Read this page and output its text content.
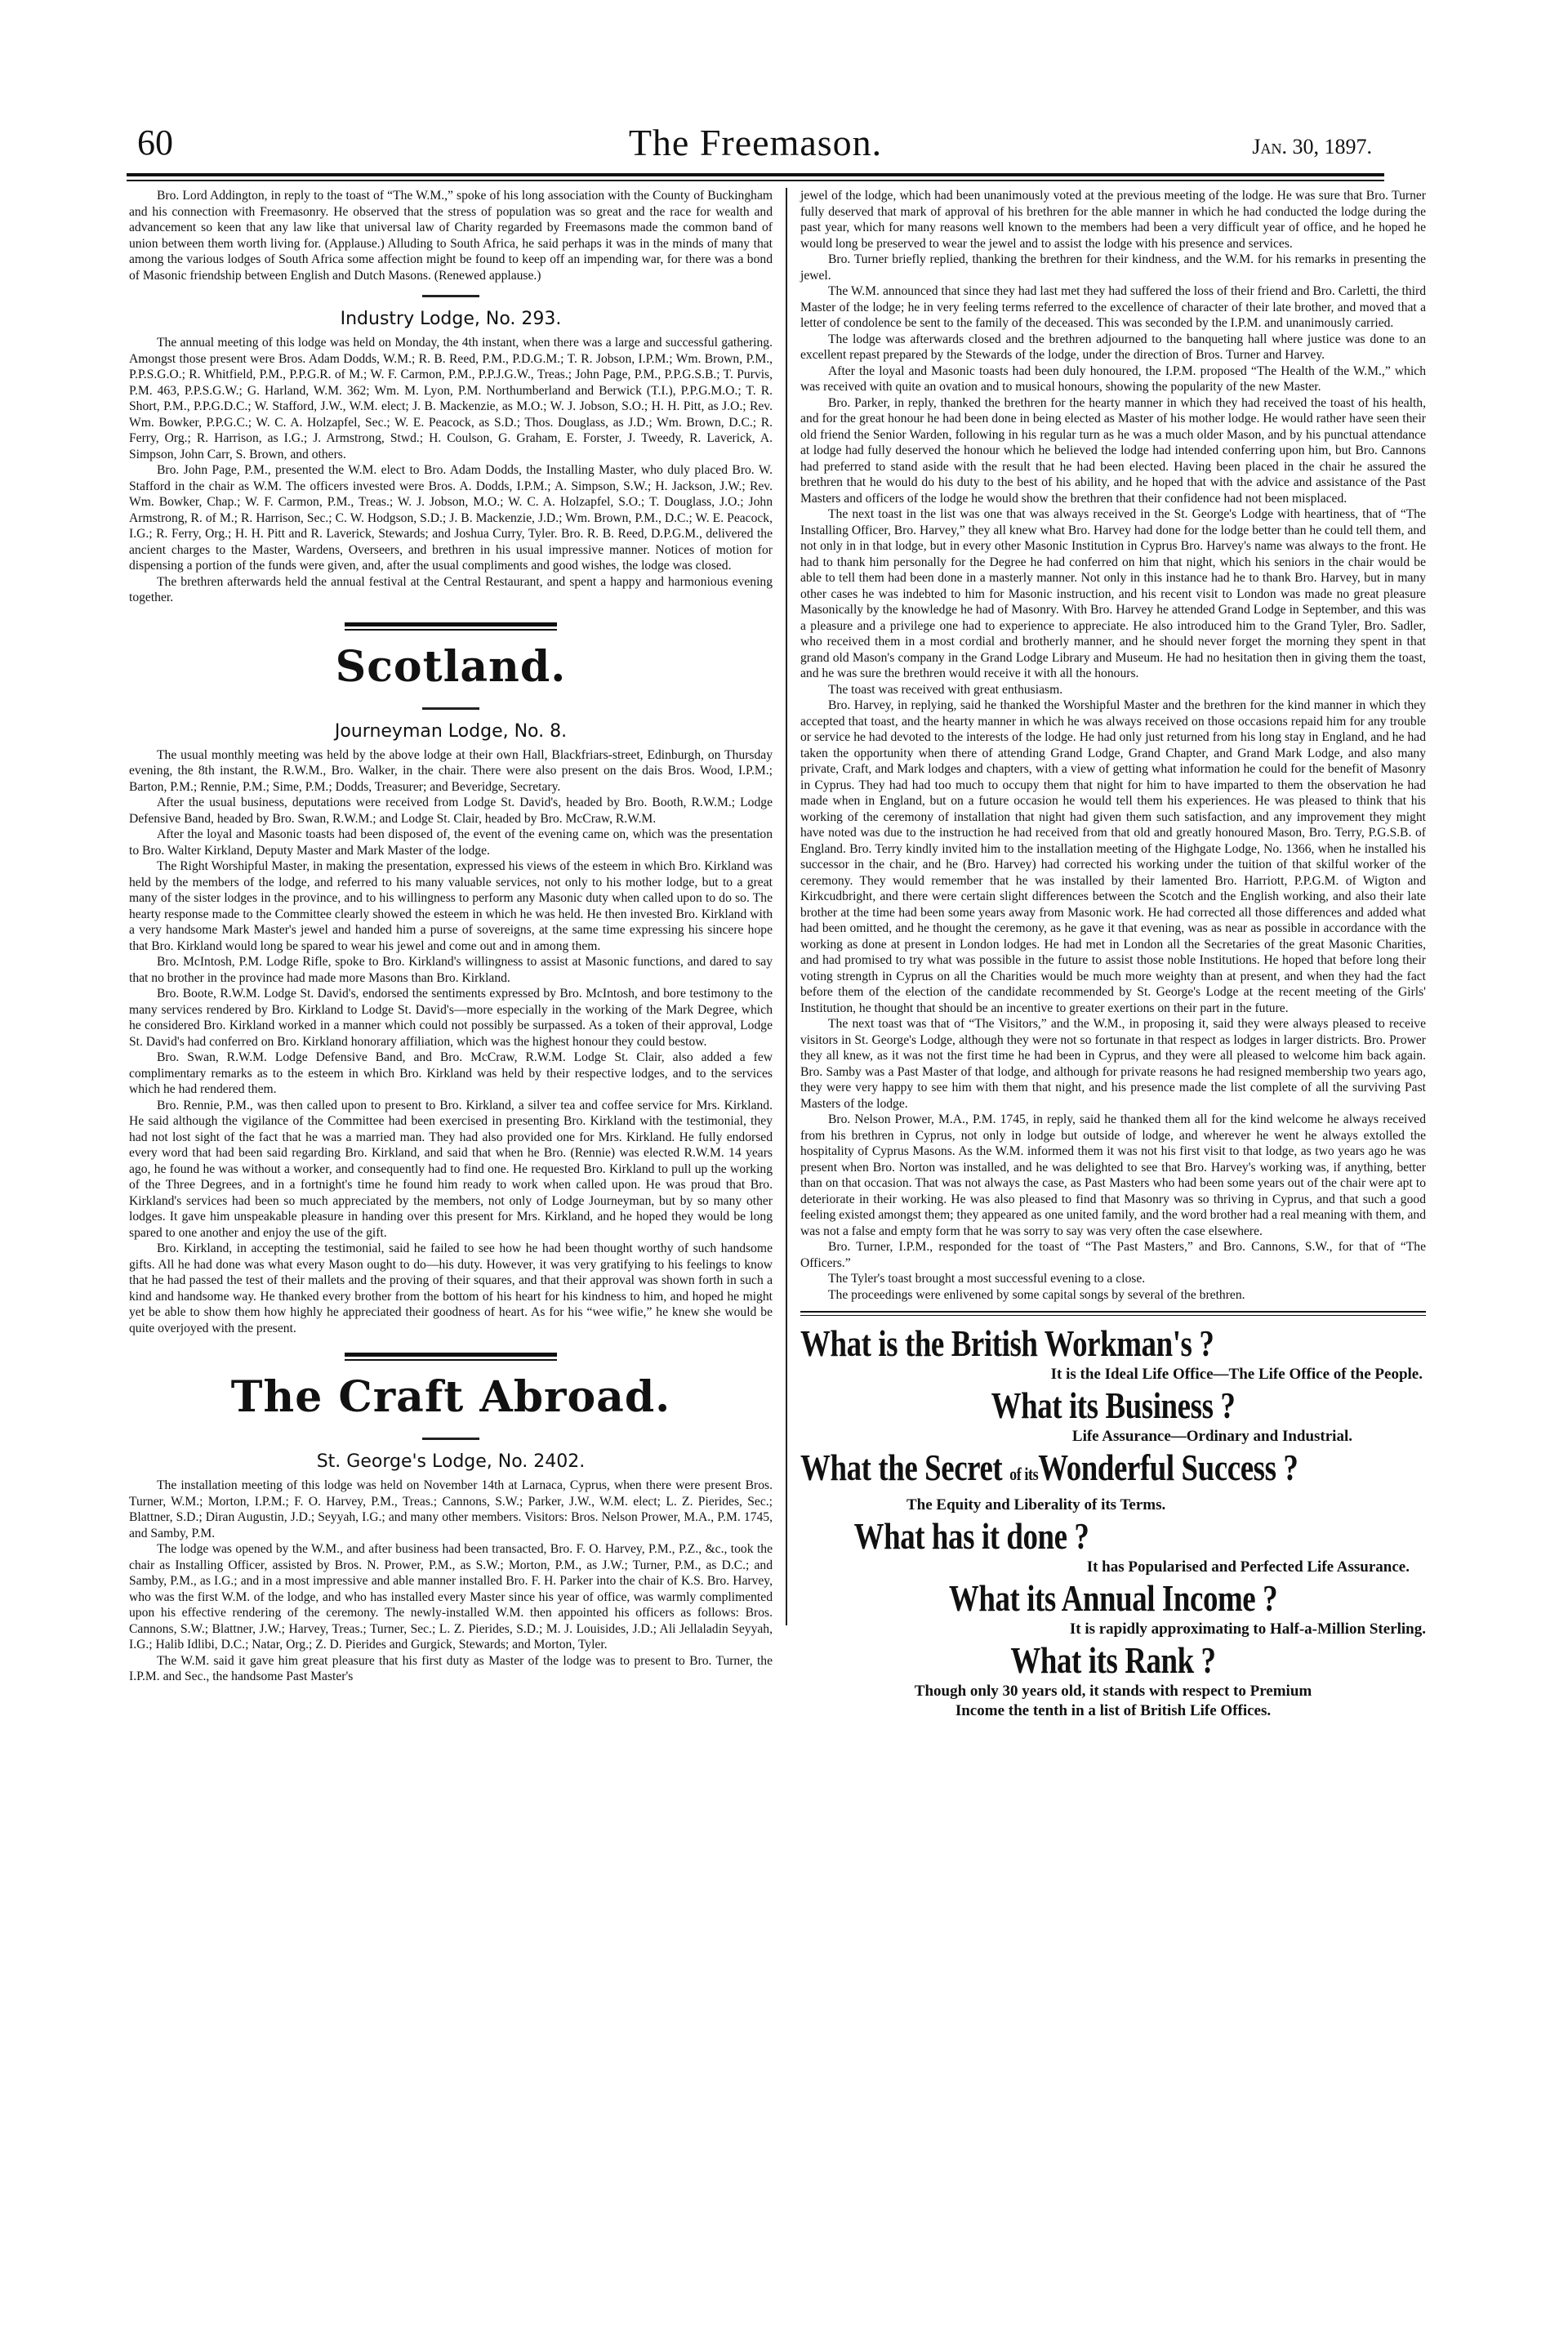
60	The Freemason.	Jan. 30, 1897.

Bro. Lord Addington, in reply to the toast of “The W.M.,” spoke of his long association with the County of Buckingham and his connection with Freemasonry. He observed that the stress of population was so great and the race for wealth and advancement so keen that any law like that universal law of Charity regarded by Freemasons made the common band of union between them worth living for. (Applause.) Alluding to South Africa, he said perhaps it was in the minds of many that among the various lodges of South Africa some affection might be found to keep off an impending war, for there was a bond of Masonic friendship between English and Dutch Masons. (Renewed applause.)

Industry Lodge, No. 293.

The annual meeting of this lodge was held on Monday, the 4th instant, when there was a large and successful gathering. Amongst those present were Bros. Adam Dodds, W.M.; R. B. Reed, P.M., P.D.G.M.; T. R. Jobson, I.P.M.; Wm. Brown, P.M., P.P.S.G.O.; R. Whitfield, P.M., P.P.G.R. of M.; W. F. Carmon, P.M., P.P.J.G.W., Treas.; John Page, P.M., P.P.G.S.B.; T. Purvis, P.M. 463, P.P.S.G.W.; G. Harland, W.M. 362; Wm. M. Lyon, P.M. Northumberland and Berwick (T.I.), P.P.G.M.O.; T. R. Short, P.M., P.P.G.D.C.; W. Stafford, J.W., W.M. elect; J. B. Mackenzie, as M.O.; W. J. Jobson, S.O.; H. H. Pitt, as J.O.; Rev. Wm. Bowker, P.P.G.C.; W. C. A. Holzapfel, Sec.; W. E. Peacock, as S.D.; Thos. Douglass, as J.D.; Wm. Brown, D.C.; R. Ferry, Org.; R. Harrison, as I.G.; J. Armstrong, Stwd.; H. Coulson, G. Graham, E. Forster, J. Tweedy, R. Laverick, A. Simpson, John Carr, S. Brown, and others.

Bro. John Page, P.M., presented the W.M. elect to Bro. Adam Dodds, the Installing Master, who duly placed Bro. W. Stafford in the chair as W.M. The officers invested were Bros. A. Dodds, I.P.M.; A. Simpson, S.W.; H. Jackson, J.W.; Rev. Wm. Bowker, Chap.; W. F. Carmon, P.M., Treas.; W. J. Jobson, M.O.; W. C. A. Holzapfel, S.O.; T. Douglass, J.O.; John Armstrong, R. of M.; R. Harrison, Sec.; C. W. Hodgson, S.D.; J. B. Mackenzie, J.D.; Wm. Brown, P.M., D.C.; W. E. Peacock, I.G.; R. Ferry, Org.; H. H. Pitt and R. Laverick, Stewards; and Joshua Curry, Tyler. Bro. R. B. Reed, D.P.G.M., delivered the ancient charges to the Master, Wardens, Overseers, and brethren in his usual impressive manner. Notices of motion for dispensing a portion of the funds were given, and, after the usual compliments and good wishes, the lodge was closed.

The brethren afterwards held the annual festival at the Central Restaurant, and spent a happy and harmonious evening together.

Scotland.
Journeyman Lodge, No. 8.

The usual monthly meeting was held by the above lodge at their own Hall, Blackfriars-street, Edinburgh, on Thursday evening, the 8th instant, the R.W.M., Bro. Walker, in the chair. There were also present on the dais Bros. Wood, I.P.M.; Barton, P.M.; Rennie, P.M.; Sime, P.M.; Dodds, Treasurer; and Beveridge, Secretary.

After the usual business, deputations were received from Lodge St. David's, headed by Bro. Booth, R.W.M.; Lodge Defensive Band, headed by Bro. Swan, R.W.M.; and Lodge St. Clair, headed by Bro. McCraw, R.W.M.

After the loyal and Masonic toasts had been disposed of, the event of the evening came on, which was the presentation to Bro. Walter Kirkland, Deputy Master and Mark Master of the lodge.

The Right Worshipful Master, in making the presentation, expressed his views of the esteem in which Bro. Kirkland was held by the members of the lodge, and referred to his many valuable services, not only to his mother lodge, but to a great many of the sister lodges in the province, and to his willingness to perform any Masonic duty when called upon to do so. The hearty response made to the Committee clearly showed the esteem in which he was held. He then invested Bro. Kirkland with a very handsome Mark Master's jewel and handed him a purse of sovereigns, at the same time expressing his sincere hope that Bro. Kirkland would long be spared to wear his jewel and come out and in among them.

Bro. McIntosh, P.M. Lodge Rifle, spoke to Bro. Kirkland's willingness to assist at Masonic functions, and dared to say that no brother in the province had made more Masons than Bro. Kirkland.

Bro. Boote, R.W.M. Lodge St. David's, endorsed the sentiments expressed by Bro. McIntosh, and bore testimony to the many services rendered by Bro. Kirkland to Lodge St. David's—more especially in the working of the Mark Degree, which he considered Bro. Kirkland worked in a manner which could not possibly be surpassed. As a token of their approval, Lodge St. David's had conferred on Bro. Kirkland honorary affiliation, which was the highest honour they could bestow.

Bro. Swan, R.W.M. Lodge Defensive Band, and Bro. McCraw, R.W.M. Lodge St. Clair, also added a few complimentary remarks as to the esteem in which Bro. Kirkland was held by their respective lodges, and to the services which he had rendered them.

Bro. Rennie, P.M., was then called upon to present to Bro. Kirkland, a silver tea and coffee service for Mrs. Kirkland. He said although the vigilance of the Committee had been exercised in presenting Bro. Kirkland with the testimonial, they had not lost sight of the fact that he was a married man. They had also provided one for Mrs. Kirkland. He fully endorsed every word that had been said regarding Bro. Kirkland, and said that when he Bro. (Rennie) was elected R.W.M. 14 years ago, he found he was without a worker, and consequently had to find one. He requested Bro. Kirkland to pull up the working of the Three Degrees, and in a fortnight's time he found him ready to work when called upon. He was proud that Bro. Kirkland's services had been so much appreciated by the members, not only of Lodge Journeyman, but by so many other lodges. It gave him unspeakable pleasure in handing over this present for Mrs. Kirkland, and he hoped they would be long spared to one another and enjoy the use of the gift.

Bro. Kirkland, in accepting the testimonial, said he failed to see how he had been thought worthy of such handsome gifts. All he had done was what every Mason ought to do—his duty. However, it was very gratifying to his feelings to know that he had passed the test of their mallets and the proving of their squares, and that their approval was shown forth in such a kind and handsome way. He thanked every brother from the bottom of his heart for his kindness to him, and hoped he might yet be able to show them how highly he appreciated their goodness of heart. As for his “wee wifie,” he knew she would be quite overjoyed with the present.

The Craft Abroad.
St. George's Lodge, No. 2402.

The installation meeting of this lodge was held on November 14th at Larnaca, Cyprus, when there were present Bros. Turner, W.M.; Morton, I.P.M.; F. O. Harvey, P.M., Treas.; Cannons, S.W.; Parker, J.W., W.M. elect; L. Z. Pierides, Sec.; Blattner, S.D.; Diran Augustin, J.D.; Seyyah, I.G.; and many other members. Visitors: Bros. Nelson Prower, M.A., P.M. 1745, and Samby, P.M.

The lodge was opened by the W.M., and after business had been transacted, Bro. F. O. Harvey, P.M., P.Z., &c., took the chair as Installing Officer, assisted by Bros. N. Prower, P.M., as S.W.; Morton, P.M., as J.W.; Turner, P.M., as D.C.; and Samby, P.M., as I.G.; and in a most impressive and able manner installed Bro. F. H. Parker into the chair of K.S. Bro. Harvey, who was the first W.M. of the lodge, and who has installed every Master since his year of office, was warmly complimented upon his effective rendering of the ceremony. The newly-installed W.M. then appointed his officers as follows: Bros. Cannons, S.W.; Blattner, J.W.; Harvey, Treas.; Turner, Sec.; L. Z. Pierides, S.D.; M. J. Louisides, J.D.; Ali Jellaladin Seyyah, I.G.; Halib Idlibi, D.C.; Natar, Org.; Z. D. Pierides and Gurgick, Stewards; and Morton, Tyler.

The W.M. said it gave him great pleasure that his first duty as Master of the lodge was to present to Bro. Turner, the I.P.M. and Sec., the handsome Past Master's

jewel of the lodge, which had been unanimously voted at the previous meeting of the lodge. He was sure that Bro. Turner fully deserved that mark of approval of his brethren for the able manner in which he had conducted the lodge during the past year, which for many reasons well known to the members had been a very difficult year of office, and he hoped he would long be preserved to wear the jewel and to assist the lodge with his presence and services.

Bro. Turner briefly replied, thanking the brethren for their kindness, and the W.M. for his remarks in presenting the jewel.

The W.M. announced that since they had last met they had suffered the loss of their friend and Bro. Carletti, the third Master of the lodge; he in very feeling terms referred to the excellence of character of their late brother, and moved that a letter of condolence be sent to the family of the deceased. This was seconded by the I.P.M. and unanimously carried.

The lodge was afterwards closed and the brethren adjourned to the banqueting hall where justice was done to an excellent repast prepared by the Stewards of the lodge, under the direction of Bros. Turner and Harvey.

After the loyal and Masonic toasts had been duly honoured, the I.P.M. proposed “The Health of the W.M.,” which was received with quite an ovation and to musical honours, showing the popularity of the new Master.

Bro. Parker, in reply, thanked the brethren for the hearty manner in which they had received the toast of his health, and for the great honour he had been done in being elected as Master of his mother lodge. He would rather have seen their old friend the Senior Warden, following in his regular turn as he was a much older Mason, and by his punctual attendance at lodge had fully deserved the honour which he believed the lodge had intended conferring upon him, but Bro. Cannons had preferred to stand aside with the result that he had been elected. Having been placed in the chair he assured the brethren that he would do his duty to the best of his ability, and he hoped that with the advice and assistance of the Past Masters and officers of the lodge he would show the brethren that their confidence had not been misplaced.

The next toast in the list was one that was always received in the St. George's Lodge with heartiness, that of “The Installing Officer, Bro. Harvey,” they all knew what Bro. Harvey had done for the lodge better than he could tell them, and not only in in that lodge, but in every other Masonic Institution in Cyprus Bro. Harvey's name was always to the front. He had to thank him personally for the Degree he had conferred on him that night, which his seniors in the chair would be able to tell them had been done in a masterly manner. Not only in this instance had he to thank Bro. Harvey, but in many other cases he was indebted to him for Masonic instruction, and his recent visit to London was made no great pleasure Masonically by the knowledge he had of Masonry. With Bro. Harvey he attended Grand Lodge in September, and this was a pleasure and a privilege one had to experience to appreciate. He also introduced him to the Grand Tyler, Bro. Sadler, who received them in a most cordial and brotherly manner, and he should never forget the morning they spent in that grand old Mason's company in the Grand Lodge Library and Museum. He had no hesitation then in giving them the toast, and he was sure the brethren would receive it with all the honours.

The toast was received with great enthusiasm.

Bro. Harvey, in replying, said he thanked the Worshipful Master and the brethren for the kind manner in which they accepted that toast, and the hearty manner in which he was always received on those occasions repaid him for any trouble or service he had devoted to the interests of the lodge. He had only just returned from his long stay in England, and he had taken the opportunity when there of attending Grand Lodge, Grand Chapter, and Grand Mark Lodge, and also many private, Craft, and Mark lodges and chapters, with a view of getting what information he could for the benefit of Masonry in Cyprus. They had had too much to occupy them that night for him to have imparted to them the observation he had made when in England, but on a future occasion he would tell them his experiences. He was pleased to think that his working of the ceremony of installation that night had given them such satisfaction, and any improvement they might have noted was due to the instruction he had received from that old and greatly honoured Mason, Bro. Terry, P.G.S.B. of England. Bro. Terry kindly invited him to the installation meeting of the Highgate Lodge, No. 1366, when he installed his successor in the chair, and he (Bro. Harvey) had corrected his working under the tuition of that skilful worker of the ceremony. They would remember that he was installed by their lamented Bro. Harriott, P.P.G.M. of Wigton and Kirkcudbright, and there were certain slight differences between the Scotch and the English working, and also their late brother at the time had been some years away from Masonic work. He had corrected all those differences and added what had been omitted, and he thought the ceremony, as he gave it that evening, was as near as possible in accordance with the working as done at present in London lodges. He had met in London all the Secretaries of the great Masonic Charities, and had promised to try what was possible in the future to assist those noble Institutions. He hoped that before long their voting strength in Cyprus on all the Charities would be much more weighty than at present, and when they had the fact before them of the election of the candidate recommended by St. George's Lodge at the recent meeting of the Girls' Institution, he thought that should be an incentive to greater exertions on their part in the future.

The next toast was that of “The Visitors,” and the W.M., in proposing it, said they were always pleased to receive visitors in St. George's Lodge, although they were not so fortunate in that respect as lodges in larger districts. Bro. Prower they all knew, as it was not the first time he had been in Cyprus, and they were all pleased to welcome him back again. Bro. Samby was a Past Master of that lodge, and although for private reasons he had resigned membership two years ago, they were very happy to see him with them that night, and his presence made the list complete of all the surviving Past Masters of the lodge.

Bro. Nelson Prower, M.A., P.M. 1745, in reply, said he thanked them all for the kind welcome he always received from his brethren in Cyprus, not only in lodge but outside of lodge, and wherever he went he always extolled the hospitality of Cyprus Masons. As the W.M. informed them it was not his first visit to that lodge, as two years ago he was present when Bro. Norton was installed, and he was delighted to see that Bro. Harvey's working was, if anything, better than on that occasion. That was not always the case, as Past Masters who had been some years out of the chair were apt to deteriorate in their working. He was also pleased to find that Masonry was so thriving in Cyprus, and that such a good feeling existed amongst them; they appeared as one united family, and the word brother had a real meaning with them, and was not a false and empty form that he was sorry to say was very often the case elsewhere.

Bro. Turner, I.P.M., responded for the toast of “The Past Masters,” and Bro. Cannons, S.W., for that of “The Officers.”

The Tyler's toast brought a most successful evening to a close.

The proceedings were enlivened by some capital songs by several of the brethren.

What is the British Workman's ?
It is the Ideal Life Office—The Life Office of the People.
What its Business ?
Life Assurance—Ordinary and Industrial.
What the Secret of itsWonderful Success ?
The Equity and Liberality of its Terms.
What has it done ?
It has Popularised and Perfected Life Assurance.
What its Annual Income ?
It is rapidly approximating to Half-a-Million Sterling.
What its Rank ?
Though only 30 years old, it stands with respect to Premium
Income the tenth in a list of British Life Offices.
